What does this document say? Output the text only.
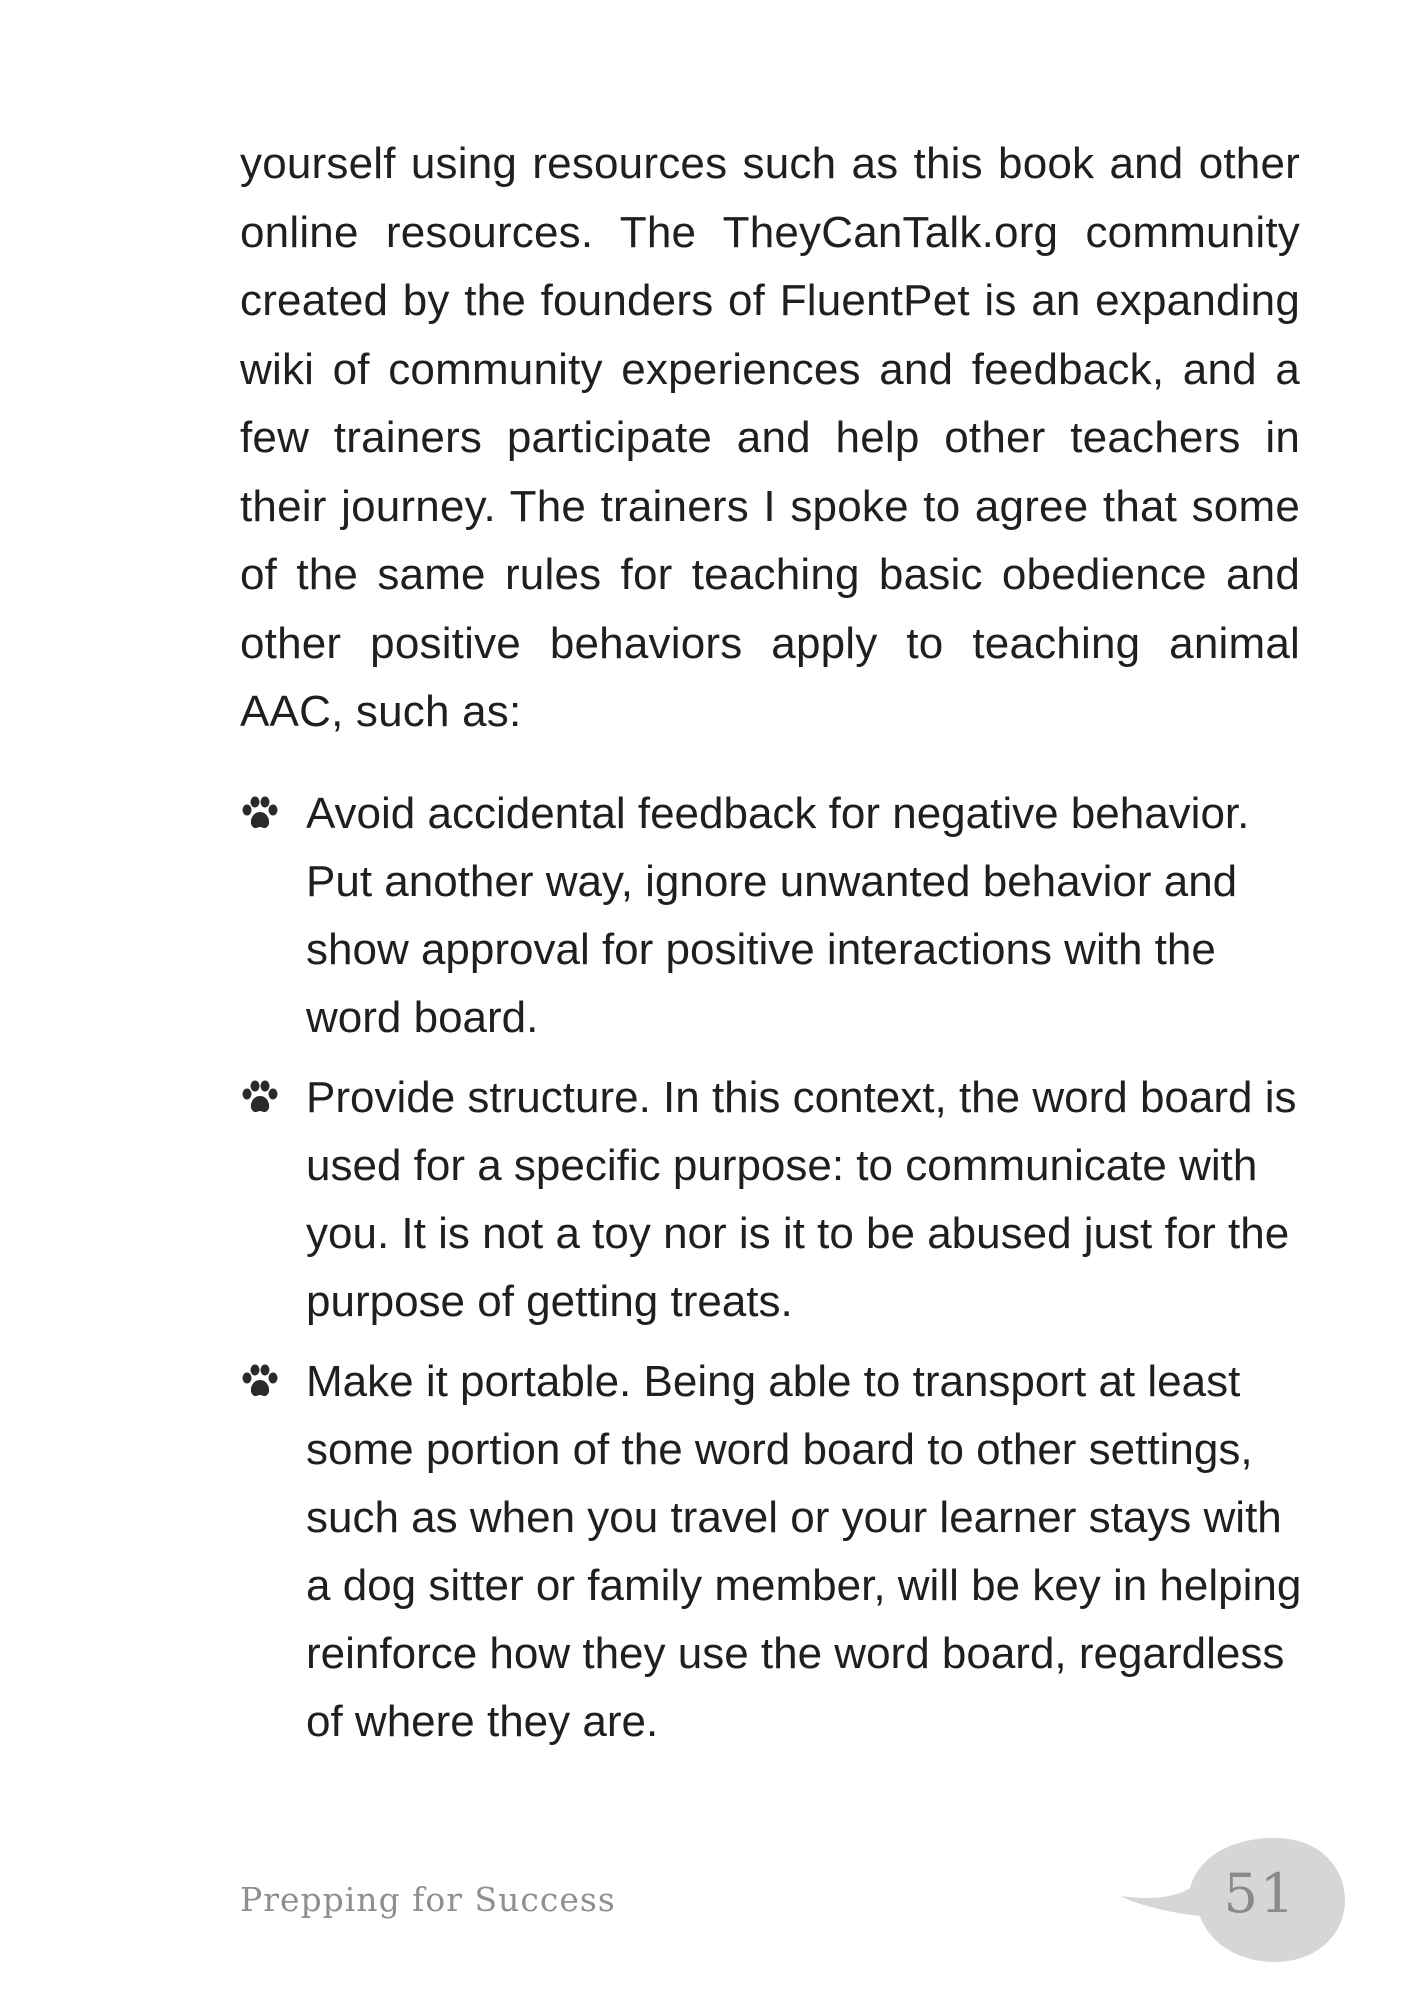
yourself using resources such as this book and other online resources. The TheyCanTalk.org community created by the founders of FluentPet is an expanding wiki of community experiences and feedback, and a few trainers participate and help other teachers in their journey. The trainers I spoke to agree that some of the same rules for teaching basic obedience and other positive behaviors apply to teaching animal AAC, such as:

Avoid accidental feedback for negative behavior. Put another way, ignore unwanted behavior and show approval for positive interactions with the word board.
Provide structure. In this context, the word board is used for a specific purpose: to communicate with you. It is not a toy nor is it to be abused just for the purpose of getting treats.
Make it portable. Being able to transport at least some portion of the word board to other settings, such as when you travel or your learner stays with a dog sitter or family member, will be key in helping reinforce how they use the word board, regardless of where they are.
Prepping for Success	51
